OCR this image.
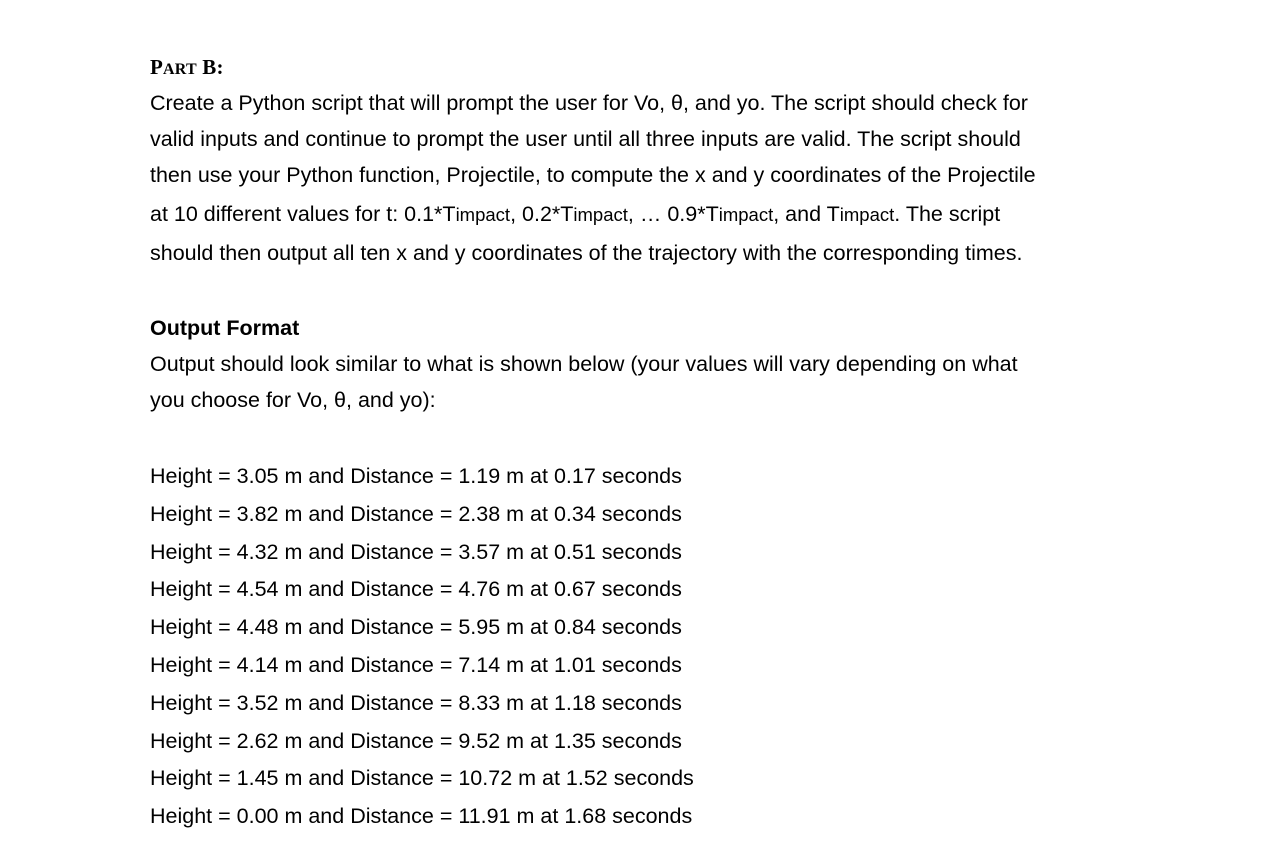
PART B:

Create a Python script that will prompt the user for Vo, θ, and yo. The script should check for
valid inputs and continue to prompt the user until all three inputs are valid. The script should
then use your Python function, Projectile, to compute the x and y coordinates of the Projectile
at 10 different values for t: 0.1*Timpact, 0.2*Timpact, … 0.9*Timpact, and Timpact. The script
should then output all ten x and y coordinates of the trajectory with the corresponding times.

Output Format

Output should look similar to what is shown below (your values will vary depending on what
you choose for Vo, θ, and yo):
Height = 3.05 m and Distance = 1.19 m at 0.17 seconds
Height = 3.82 m and Distance = 2.38 m at 0.34 seconds
Height = 4.32 m and Distance = 3.57 m at 0.51 seconds
Height = 4.54 m and Distance = 4.76 m at 0.67 seconds
Height = 4.48 m and Distance = 5.95 m at 0.84 seconds
Height = 4.14 m and Distance = 7.14 m at 1.01 seconds
Height = 3.52 m and Distance = 8.33 m at 1.18 seconds
Height = 2.62 m and Distance = 9.52 m at 1.35 seconds
Height = 1.45 m and Distance = 10.72 m at 1.52 seconds
Height = 0.00 m and Distance = 11.91 m at 1.68 seconds
